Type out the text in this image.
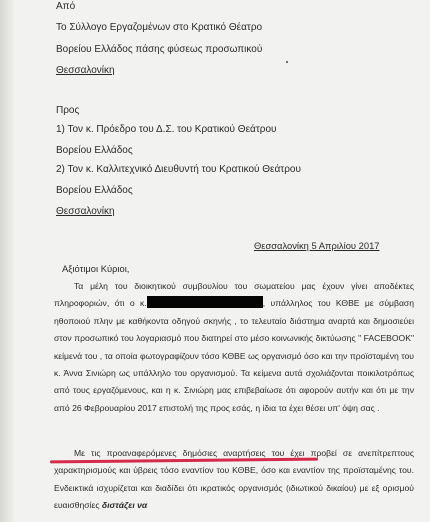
Από
Το Σύλλογο Εργαζομένων στο Κρατικό Θέατρο
Βορείου Ελλάδος πάσης φύσεως προσωπικού
Θεσσαλονίκη
Προς
1) Τον κ. Πρόεδρο του Δ.Σ. του Κρατικού Θεάτρου
Βορείου Ελλάδος
2) Τον κ. Καλλιτεχνικό Διευθυντή του Κρατικού Θεάτρου
Βορείου Ελλάδος
Θεσσαλονίκη
Θεσσαλονίκη 5 Απριλίου 2017
Αξιότιμοι Κύριοι,
Τα μέλη του διοικητικού συμβουλίου του σωματείου μας έχουν γίνει αποδέκτες πληροφοριών, ότι ο κ.	, υπάλληλος του ΚΘΒΕ με σύμβαση ηθοποιού πλην με καθήκοντα οδηγού σκηνής , το τελευταίο διάστημα αναρτά και δημοσιεύει στον προσωπικό του λογαριασμό που διατηρεί στο μέσο κοινωνικής δικτύωσης " FACEBOOK" κείμενά του , τα οποία φωτογραφίζουν τόσο ΚΘΒΕ ως οργανισμό όσο και την προϊσταμένη του κ. Άννα Σινιώρη ως υπάλληλο του οργανισμού. Τα κείμενα αυτά σχολιάζονται ποικιλοτρόπως από τους εργαζόμενους, και η κ. Σινιώρη μας επιβεβαίωσε ότι αφορούν αυτήν και ότι με την από 26 Φεβρουαρίου 2017 επιστολή της προς εσάς, η ίδια τα έχει θέσει υπ' όψη σας .
Με τις προαναφερόμενες δημόσιες αναρτήσεις του έχει προβεί σε ανεπίτρεπτους χαρακτηρισμούς και ύβρεις τόσο εναντίον του ΚΘΒΕ, όσο και εναντίον της προϊσταμένης του. Ενδεικτικά ισχυρίζεται και διαδίδει ότι ικρατικός οργανισμός (ιδιωτικού δικαίου) με εξ ορισμού ευαισθησίες διστάζει να
